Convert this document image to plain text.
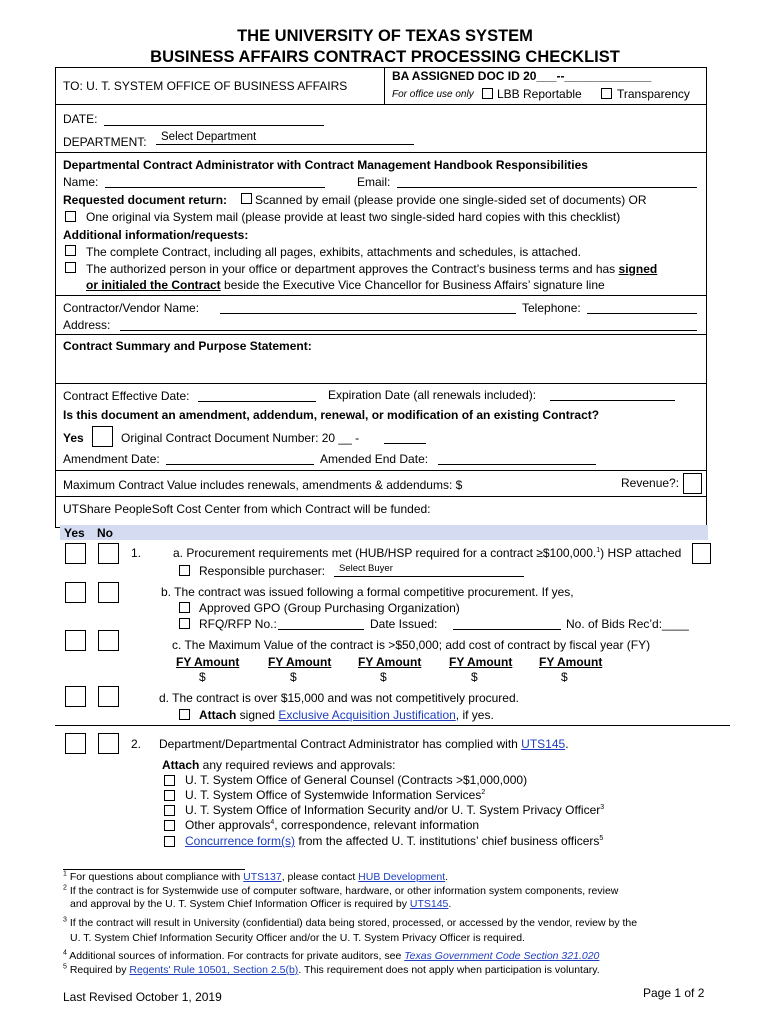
THE UNIVERSITY OF TEXAS SYSTEM
BUSINESS AFFAIRS CONTRACT PROCESSING CHECKLIST
TO: U. T. SYSTEM OFFICE OF BUSINESS AFFAIRS
BA ASSIGNED DOC ID 20___--_____________
For office use only LBB Reportable	Transparency
DATE:
DEPARTMENT:	Select Department
Departmental Contract Administrator with Contract Management Handbook Responsibilities
Name:	Email:
Requested document return: Scanned by email (please provide one single-sided set of documents) OR
One original via System mail (please provide at least two single-sided hard copies with this checklist)
Additional information/requests:
The complete Contract, including all pages, exhibits, attachments and schedules, is attached.
The authorized person in your office or department approves the Contract’s business terms and has signed
or initialed the Contract beside the Executive Vice Chancellor for Business Affairs’ signature line
Contractor/Vendor Name:	Telephone:
Address:
Contract Summary and Purpose Statement:
Contract Effective Date:	Expiration Date (all renewals included):
Is this document an amendment, addendum, renewal, or modification of an existing Contract?
Yes	Original Contract Document Number: 20 __ -
Amendment Date:	Amended End Date:
Maximum Contract Value includes renewals, amendments & addendums: $	Revenue?:
UTShare PeopleSoft Cost Center from which Contract will be funded:
Yes No
1.	a. Procurement requirements met (HUB/HSP required for a contract ≥$100,000.$^1$) HSP attached
Responsible purchaser:	Select Buyer
b. The contract was issued following a formal competitive procurement. If yes,
Approved GPO (Group Purchasing Organization)
RFQ/RFP No.:	Date Issued:	No. of Bids Rec’d:____
c. The Maximum Value of the contract is >$50,000; add cost of contract by fiscal year (FY)
FY Amount FY Amount FY Amount FY Amount FY Amount
$	$	$	$	$
d. The contract is over $15,000 and was not competitively procured.
Attach signed Exclusive Acquisition Justification, if yes.
2. Department/Departmental Contract Administrator has complied with UTS145.
Attach any required reviews and approvals:
U. T. System Office of General Counsel (Contracts >$1,000,000)
U. T. System Office of Systemwide Information Services$^2$
U. T. System Office of Information Security and/or U. T. System Privacy Officer$^3$
Other approvals$^4$, correspondence, relevant information
Concurrence form(s) from the affected U. T. institutions’ chief business officers$^5$
$^1$ For questions about compliance with UTS137, please contact HUB Development.
$^2$ If the contract is for Systemwide use of computer software, hardware, or other information system components, review
and approval by the U. T. System Chief Information Officer is required by UTS145.
$^3$ If the contract will result in University (confidential) data being stored, processed, or accessed by the vendor, review by the
U. T. System Chief Information Security Officer and/or the U. T. System Privacy Officer is required.
$^4$ Additional sources of information. For contracts for private auditors, see Texas Government Code Section 321.020
$^5$ Required by Regents' Rule 10501, Section 2.5(b). This requirement does not apply when participation is voluntary.
Last Revised October 1, 2019	Page 1 of 2
